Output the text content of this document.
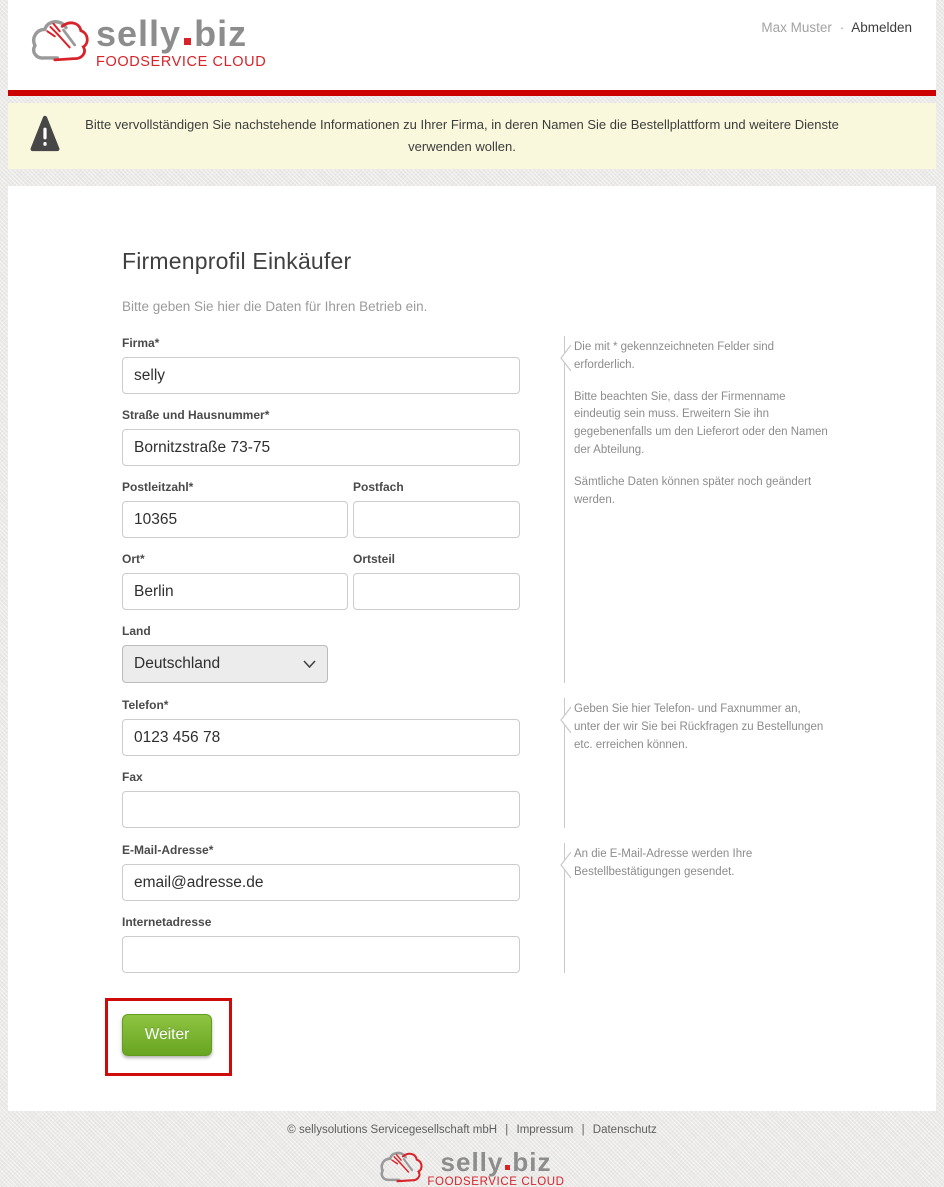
selly biz
FOODSERVICE CLOUD
Max Muster · Abmelden
Bitte vervollständigen Sie nachstehende Informationen zu Ihrer Firma, in deren Namen Sie die Bestellplattform und weitere Dienste verwenden wollen.
Firmenprofil Einkäufer

Bitte geben Sie hier die Daten für Ihren Betrieb ein.

Firma*
selly
Straße und Hausnummer*
Bornitzstraße 73-75
Postleitzahl*
10365	Postfach
Ort*
Berlin	Ortsteil
Land
Deutschland

Die mit * gekennzeichneten Felder sind erforderlich.

Bitte beachten Sie, dass der Firmenname eindeutig sein muss. Erweitern Sie ihn gegebenenfalls um den Lieferort oder den Namen der Abteilung.

Sämtliche Daten können später noch geändert werden.

Telefon*
0123 456 78
Fax

Geben Sie hier Telefon- und Faxnummer an, unter der wir Sie bei Rückfragen zu Bestellungen etc. erreichen können.

E-Mail-Adresse*
email@adresse.de
Internetadresse

An die E-Mail-Adresse werden Ihre Bestellbestätigungen gesendet.

Weiter
© sellysolutions Servicegesellschaft mbH | Impressum | Datenschutz
selly biz
FOODSERVICE CLOUD
